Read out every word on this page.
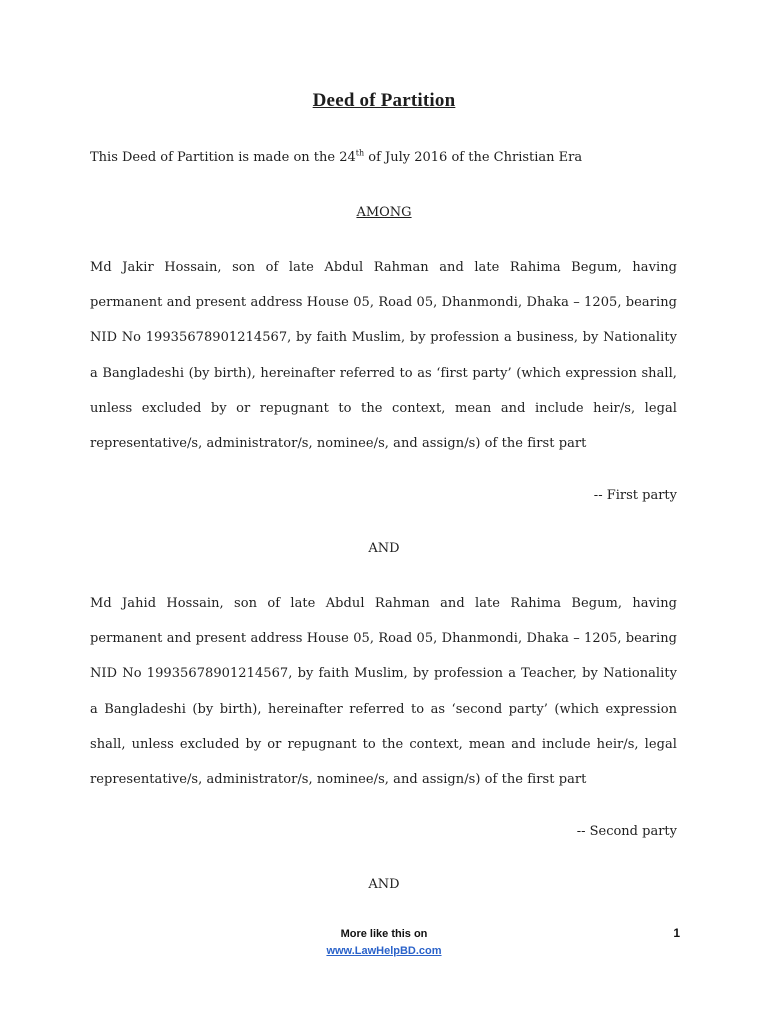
Deed of Partition
This Deed of Partition is made on the 24th of July 2016 of the Christian Era
AMONG
Md Jakir Hossain, son of late Abdul Rahman and late Rahima Begum, having permanent and present address House 05, Road 05, Dhanmondi, Dhaka – 1205, bearing NID No 19935678901214567, by faith Muslim, by profession a business, by Nationality a Bangladeshi (by birth), hereinafter referred to as ‘first party’ (which expression shall, unless excluded by or repugnant to the context, mean and include heir/s, legal representative/s, administrator/s, nominee/s, and assign/s) of the first part
-- First party
AND
Md Jahid Hossain, son of late Abdul Rahman and late Rahima Begum, having permanent and present address House 05, Road 05, Dhanmondi, Dhaka – 1205, bearing NID No 19935678901214567, by faith Muslim, by profession a Teacher, by Nationality a Bangladeshi (by birth), hereinafter referred to as ‘second party’ (which expression shall, unless excluded by or repugnant to the context, mean and include heir/s, legal representative/s, administrator/s, nominee/s, and assign/s) of the first part
-- Second party
AND
More like this on
www.LawHelpBD.com
1
